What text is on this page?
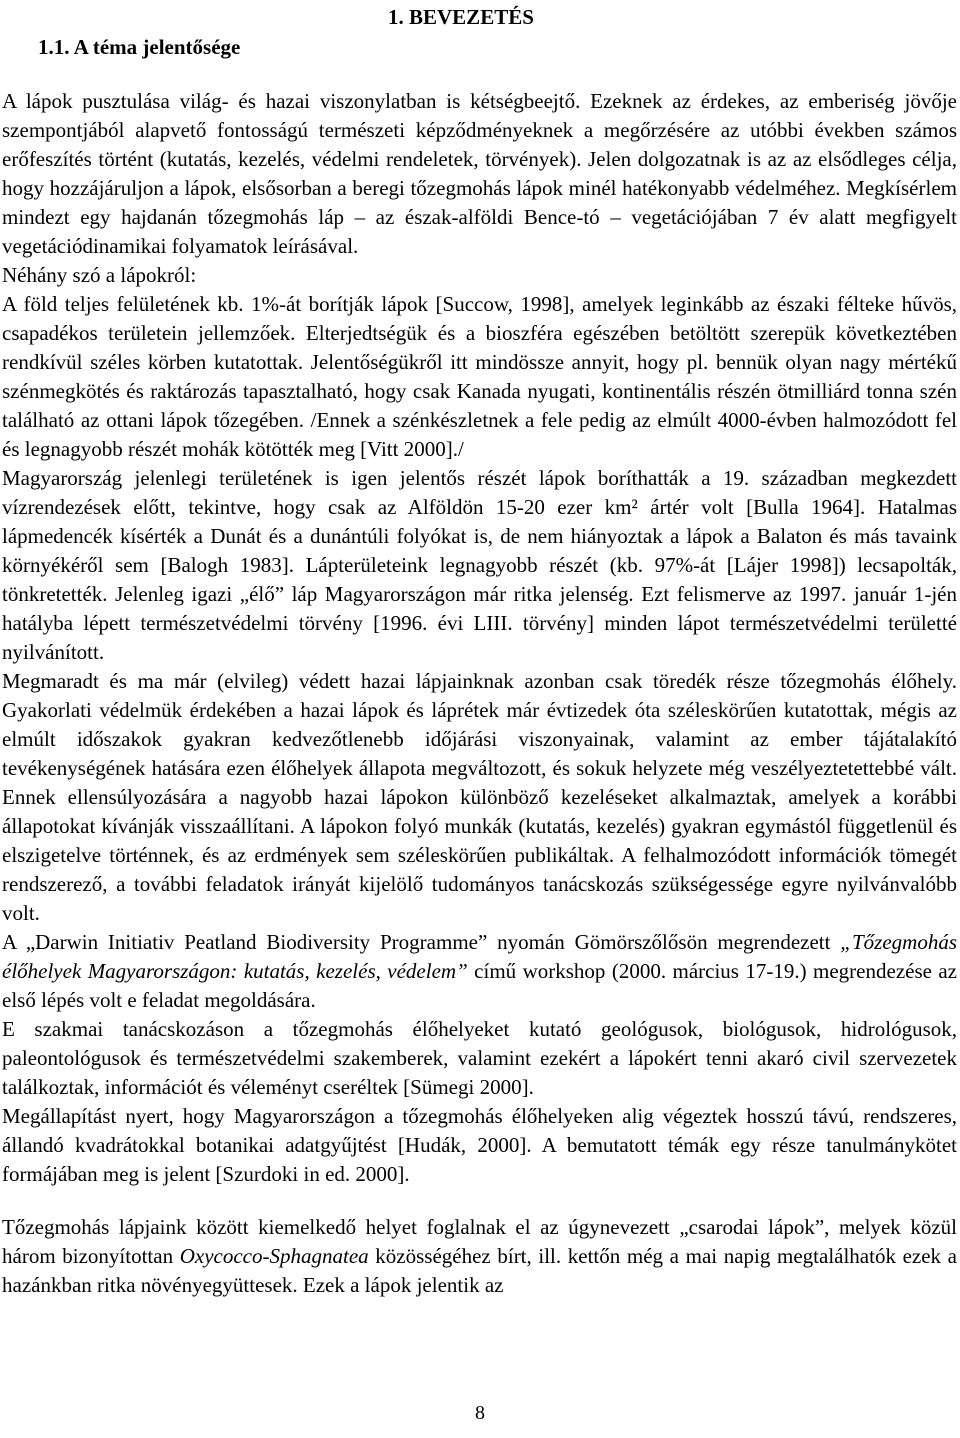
1. BEVEZETÉS
1.1. A téma jelentősége

A lápok pusztulása világ- és hazai viszonylatban is kétségbeejtő. Ezeknek az érdekes, az emberiség jövője szempontjából alapvető fontosságú természeti képződményeknek a megőrzésére az utóbbi években számos erőfeszítés történt (kutatás, kezelés, védelmi rendeletek, törvények). Jelen dolgozatnak is az az elsődleges célja, hogy hozzájáruljon a lápok, elsősorban a beregi tőzegmohás lápok minél hatékonyabb védelméhez. Megkísérlem mindezt egy hajdanán tőzegmohás láp – az észak-alföldi Bence-tó – vegetációjában 7 év alatt megfigyelt vegetációdinamikai folyamatok leírásával.

Néhány szó a lápokról:

A föld teljes felületének kb. 1%-át borítják lápok [Succow, 1998], amelyek leginkább az északi félteke hűvös, csapadékos területein jellemzőek. Elterjedtségük és a bioszféra egészében betöltött szerepük következtében rendkívül széles körben kutatottak. Jelentőségükről itt mindössze annyit, hogy pl. bennük olyan nagy mértékű szénmegkötés és raktározás tapasztalható, hogy csak Kanada nyugati, kontinentális részén ötmilliárd tonna szén található az ottani lápok tőzegében. /Ennek a szénkészletnek a fele pedig az elmúlt 4000-évben halmozódott fel és legnagyobb részét mohák kötötték meg [Vitt 2000]./

Magyarország jelenlegi területének is igen jelentős részét lápok boríthatták a 19. században megkezdett vízrendezések előtt, tekintve, hogy csak az Alföldön 15-20 ezer km² ártér volt [Bulla 1964]. Hatalmas lápmedencék kísérték a Dunát és a dunántúli folyókat is, de nem hiányoztak a lápok a Balaton és más tavaink környékéről sem [Balogh 1983]. Lápterületeink legnagyobb részét (kb. 97%-át [Lájer 1998]) lecsapolták, tönkretették. Jelenleg igazi „élő” láp Magyarországon már ritka jelenség. Ezt felismerve az 1997. január 1-jén hatályba lépett természetvédelmi törvény [1996. évi LIII. törvény] minden lápot természetvédelmi területté nyilvánított.

Megmaradt és ma már (elvileg) védett hazai lápjainknak azonban csak töredék része tőzegmohás élőhely. Gyakorlati védelmük érdekében a hazai lápok és láprétek már évtizedek óta széleskörűen kutatottak, mégis az elmúlt időszakok gyakran kedvezőtlenebb időjárási viszonyainak, valamint az ember tájátalakító tevékenységének hatására ezen élőhelyek állapota megváltozott, és sokuk helyzete még veszélyeztetettebbé vált. Ennek ellensúlyozására a nagyobb hazai lápokon különböző kezeléseket alkalmaztak, amelyek a korábbi állapotokat kívánják visszaállítani. A lápokon folyó munkák (kutatás, kezelés) gyakran egymástól függetlenül és elszigetelve történnek, és az erdmények sem széleskörűen publikáltak. A felhalmozódott információk tömegét rendszerező, a további feladatok irányát kijelölő tudományos tanácskozás szükségessége egyre nyilvánvalóbb volt.

A „Darwin Initiativ Peatland Biodiversity Programme” nyomán Gömörszőlősön megrendezett „Tőzegmohás élőhelyek Magyarországon: kutatás, kezelés, védelem” című workshop (2000. március 17-19.) megrendezése az első lépés volt e feladat megoldására.

E szakmai tanácskozáson a tőzegmohás élőhelyeket kutató geológusok, biológusok, hidrológusok, paleontológusok és természetvédelmi szakemberek, valamint ezekért a lápokért tenni akaró civil szervezetek találkoztak, információt és véleményt cseréltek [Sümegi 2000].

Megállapítást nyert, hogy Magyarországon a tőzegmohás élőhelyeken alig végeztek hosszú távú, rendszeres, állandó kvadrátokkal botanikai adatgyűjtést [Hudák, 2000]. A bemutatott témák egy része tanulmánykötet formájában meg is jelent [Szurdoki in ed. 2000].

Tőzegmohás lápjaink között kiemelkedő helyet foglalnak el az úgynevezett „csarodai lápok”, melyek közül három bizonyítottan Oxycocco-Sphagnatea közösségéhez bírt, ill. kettőn még a mai napig megtalálhatók ezek a hazánkban ritka növényegyüttesek. Ezek a lápok jelentik az

8
